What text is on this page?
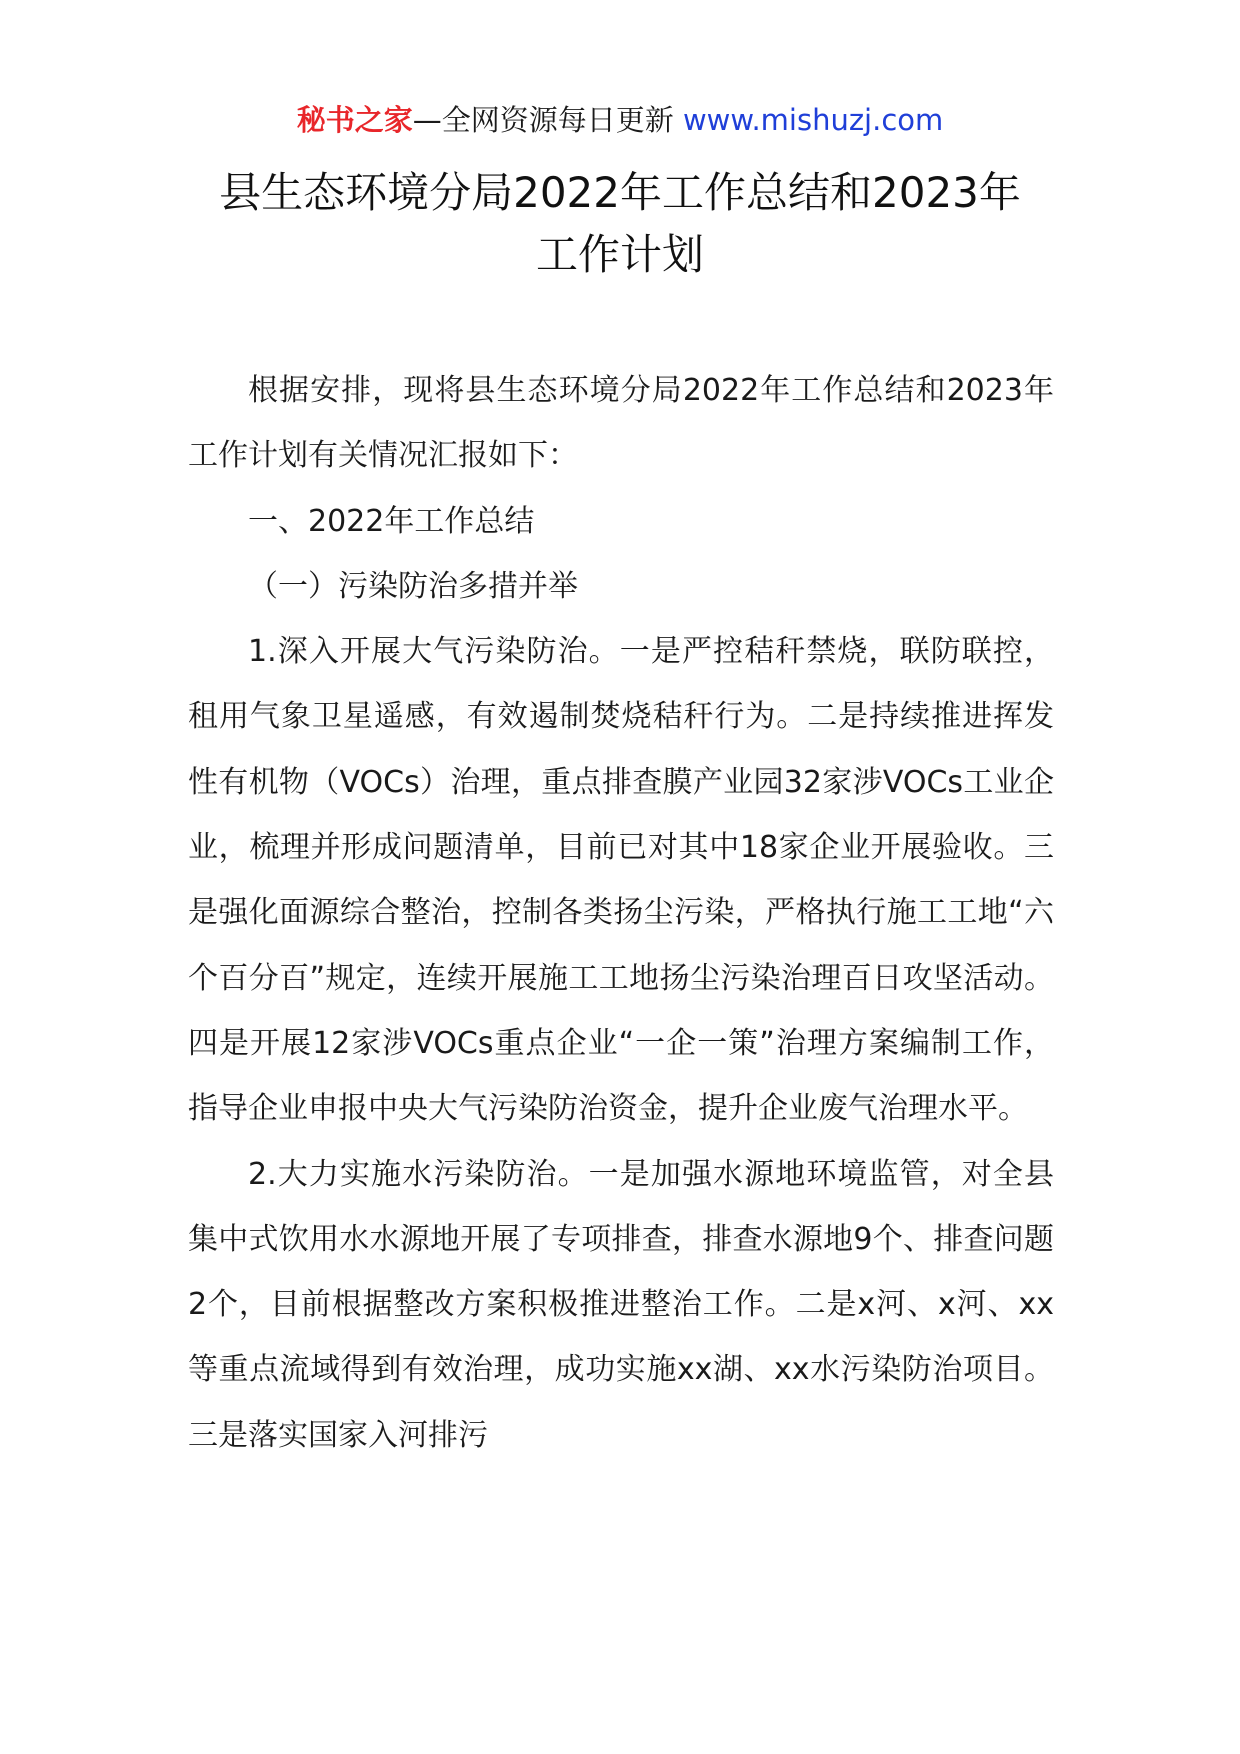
秘书之家—全网资源每日更新 www.mishuzj.com
县生态环境分局2022年工作总结和2023年
工作计划

根据安排，现将县生态环境分局2022年工作总结和2023年工作计划有关情况汇报如下：

一、2022年工作总结

（一）污染防治多措并举

1.深入开展大气污染防治。一是严控秸秆禁烧，联防联控，租用气象卫星遥感，有效遏制焚烧秸秆行为。二是持续推进挥发性有机物（VOCs）治理，重点排查膜产业园32家涉VOCs工业企业，梳理并形成问题清单，目前已对其中18家企业开展验收。三是强化面源综合整治，控制各类扬尘污染，严格执行施工工地“六个百分百”规定，连续开展施工工地扬尘污染治理百日攻坚活动。四是开展12家涉VOCs重点企业“一企一策”治理方案编制工作，指导企业申报中央大气污染防治资金，提升企业废气治理水平。

2.大力实施水污染防治。一是加强水源地环境监管，对全县集中式饮用水水源地开展了专项排查，排查水源地9个、排查问题2个，目前根据整改方案积极推进整治工作。二是x河、x河、xx等重点流域得到有效治理，成功实施xx湖、xx水污染防治项目。三是落实国家入河排污
